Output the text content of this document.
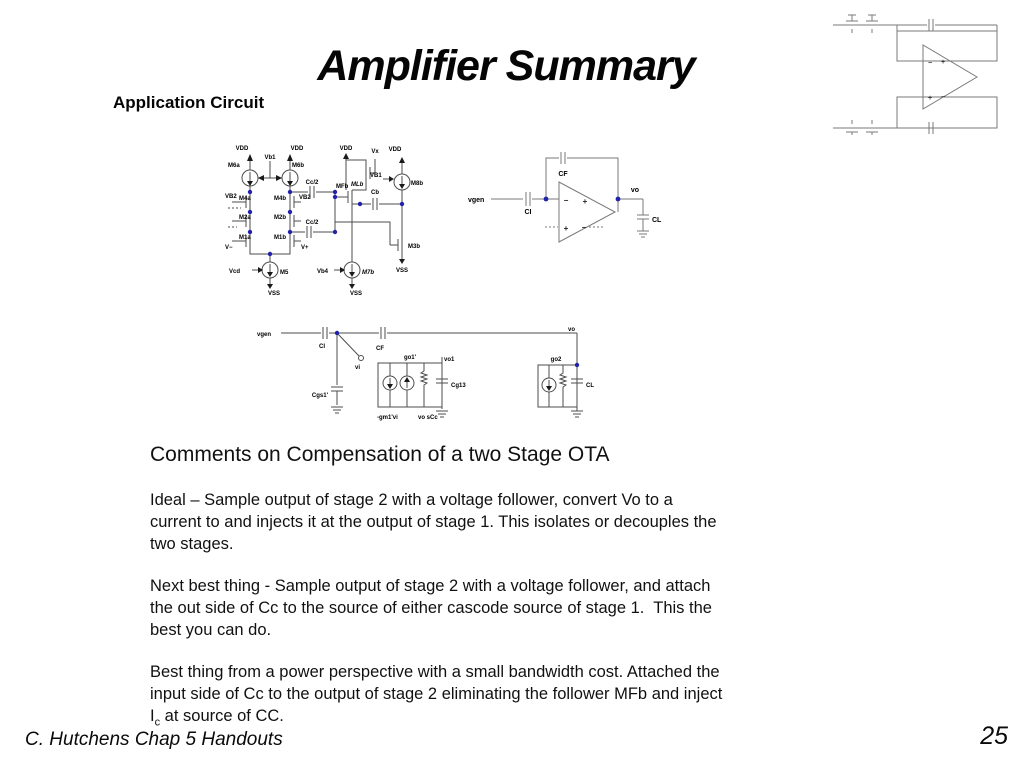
Amplifier Summary
Application Circuit
VDD
Vb1
VDD
M6a	M6b
VB2	VB2
M4a	M4b
M2a	M2b
M1a	M1b
V−	V+
Cc/2
Cc/2
Vcd	M5
VSS
Vb4	M7b
VSS
VDD	Vx
MLb
MFb
VB1
VDD
M8b
Cb
M3b
VSS
vgen
CI
CF
− +
+ −
vo
CL
vgen
CI	CF
vi
Cgs1'
go1'	vo1
Cg13
-gm1'vi	vo sCc
go2
CL
vo
− +
+ −

Comments on Compensation of a two Stage OTA

Ideal – Sample output of stage 2 with a voltage follower, convert Vo to a
current to and injects it at the output of stage 1. This isolates or decouples the
two stages.
Next best thing - Sample output of stage 2 with a voltage follower, and attach
the out side of Cc to the source of either cascode source of stage 1.  This the
best you can do.
Best thing from a power perspective with a small bandwidth cost. Attached the
input side of Cc to the output of stage 2 eliminating the follower MFb and inject
$I_c$ at source of CC.
C. Hutchens Chap 5 Handouts	25
